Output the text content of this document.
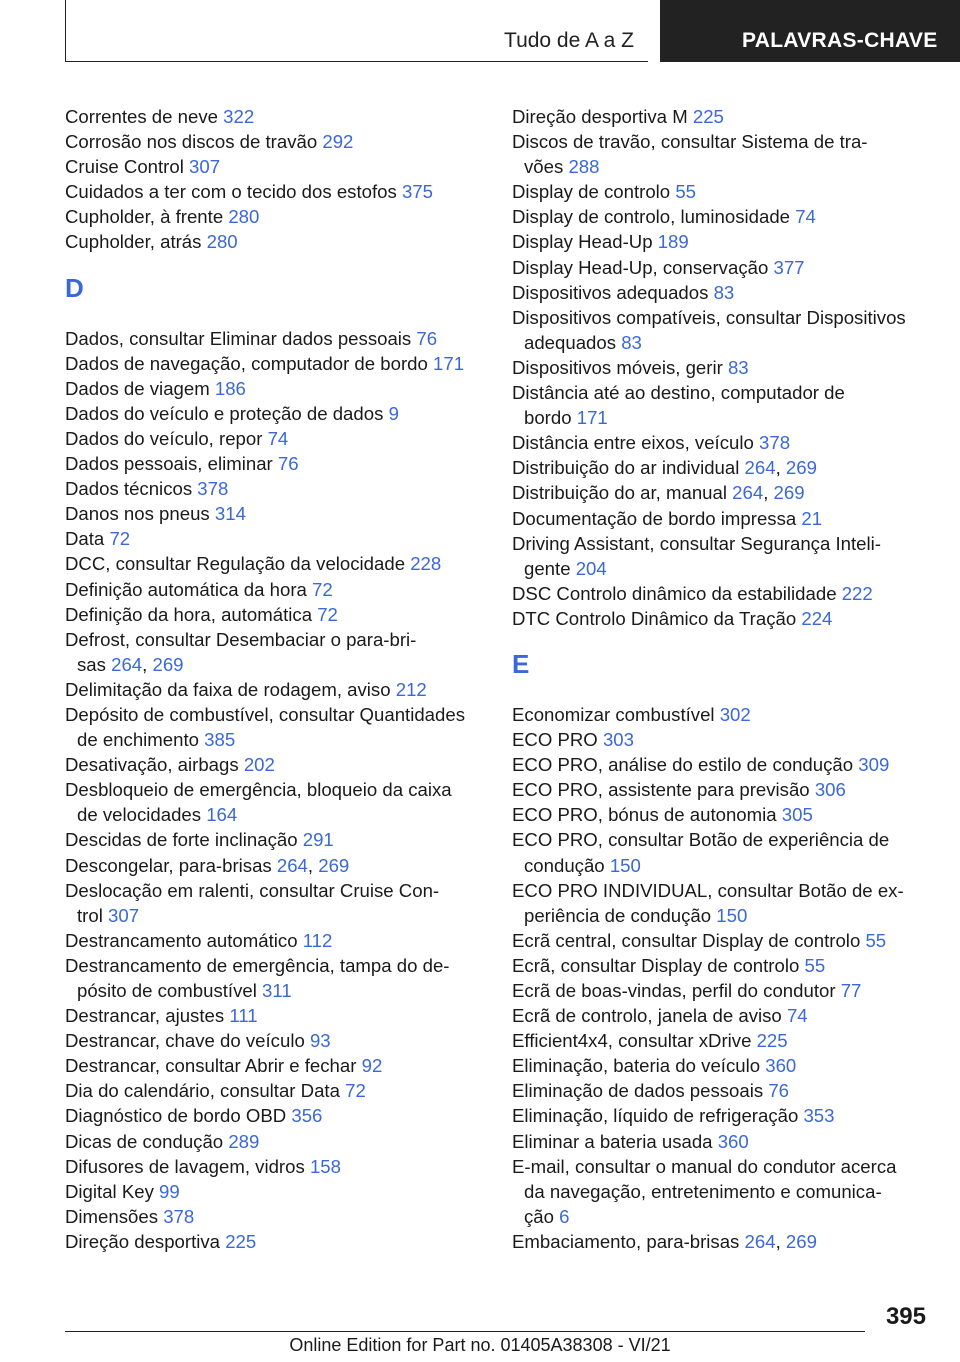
Tudo de A a Z	PALAVRAS-CHAVE
Correntes de neve 322
Corrosão nos discos de travão 292
Cruise Control 307
Cuidados a ter com o tecido dos estofos 375
Cupholder, à frente 280
Cupholder, atrás 280
D
Dados, consultar Eliminar dados pessoais 76
Dados de navegação, computador de bordo 171
Dados de viagem 186
Dados do veículo e proteção de dados 9
Dados do veículo, repor 74
Dados pessoais, eliminar 76
Dados técnicos 378
Danos nos pneus 314
Data 72
DCC, consultar Regulação da velocidade 228
Definição automática da hora 72
Definição da hora, automática 72
Defrost, consultar Desembaciar o para-bri-
sas 264, 269
Delimitação da faixa de rodagem, aviso 212
Depósito de combustível, consultar Quantidades
de enchimento 385
Desativação, airbags 202
Desbloqueio de emergência, bloqueio da caixa
de velocidades 164
Descidas de forte inclinação 291
Descongelar, para-brisas 264, 269
Deslocação em ralenti, consultar Cruise Con-
trol 307
Destrancamento automático 112
Destrancamento de emergência, tampa do de-
pósito de combustível 311
Destrancar, ajustes 111
Destrancar, chave do veículo 93
Destrancar, consultar Abrir e fechar 92
Dia do calendário, consultar Data 72
Diagnóstico de bordo OBD 356
Dicas de condução 289
Difusores de lavagem, vidros 158
Digital Key 99
Dimensões 378
Direção desportiva 225
Direção desportiva M 225
Discos de travão, consultar Sistema de tra-
vões 288
Display de controlo 55
Display de controlo, luminosidade 74
Display Head-Up 189
Display Head-Up, conservação 377
Dispositivos adequados 83
Dispositivos compatíveis, consultar Dispositivos
adequados 83
Dispositivos móveis, gerir 83
Distância até ao destino, computador de
bordo 171
Distância entre eixos, veículo 378
Distribuição do ar individual 264, 269
Distribuição do ar, manual 264, 269
Documentação de bordo impressa 21
Driving Assistant, consultar Segurança Inteli-
gente 204
DSC Controlo dinâmico da estabilidade 222
DTC Controlo Dinâmico da Tração 224
E
Economizar combustível 302
ECO PRO 303
ECO PRO, análise do estilo de condução 309
ECO PRO, assistente para previsão 306
ECO PRO, bónus de autonomia 305
ECO PRO, consultar Botão de experiência de
condução 150
ECO PRO INDIVIDUAL, consultar Botão de ex-
periência de condução 150
Ecrã central, consultar Display de controlo 55
Ecrã, consultar Display de controlo 55
Ecrã de boas-vindas, perfil do condutor 77
Ecrã de controlo, janela de aviso 74
Efficient4x4, consultar xDrive 225
Eliminação, bateria do veículo 360
Eliminação de dados pessoais 76
Eliminação, líquido de refrigeração 353
Eliminar a bateria usada 360
E-mail, consultar o manual do condutor acerca
da navegação, entretenimento e comunica-
ção 6
Embaciamento, para-brisas 264, 269
395
Online Edition for Part no. 01405A38308 - VI/21
